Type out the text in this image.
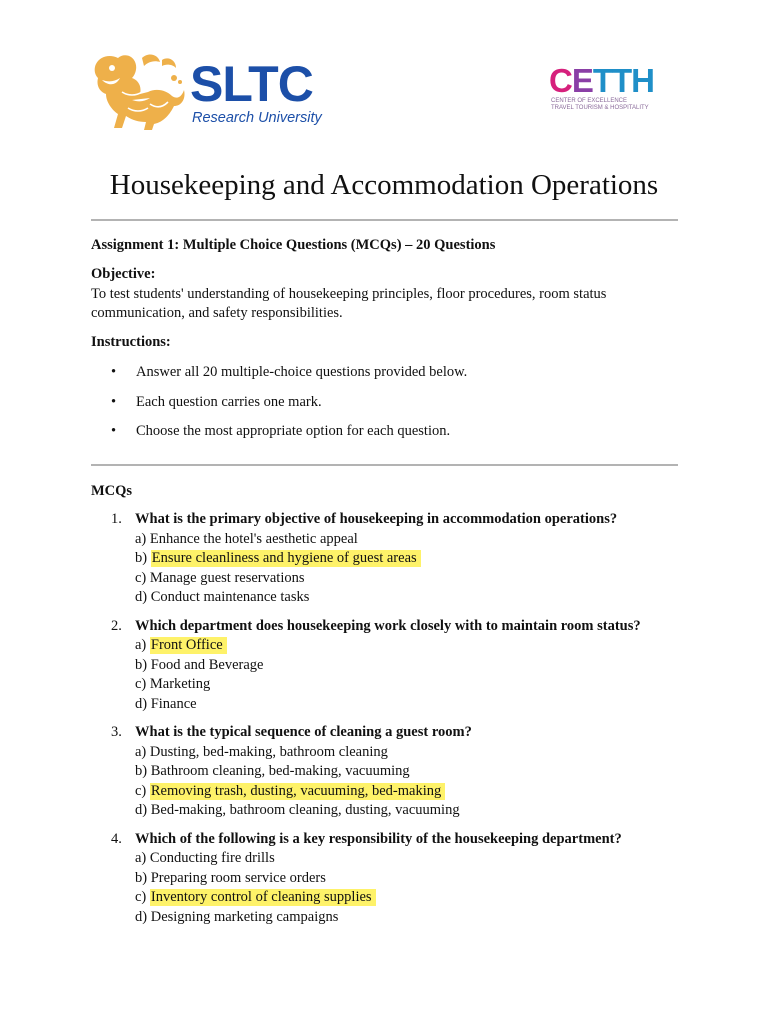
SLTC

Research University

CETTH

CENTER OF EXCELLENCE

TRAVEL TOURISM & HOSPITALITY

Housekeeping and Accommodation Operations

Assignment 1: Multiple Choice Questions (MCQs) – 20 Questions

Objective:

To test students' understanding of housekeeping principles, floor procedures, room status

communication, and safety responsibilities.

Instructions:

• Answer all 20 multiple-choice questions provided below.
• Each question carries one mark.
• Choose the most appropriate option for each question.

MCQs

1. What is the primary objective of housekeeping in accommodation operations?
a) Enhance the hotel's aesthetic appeal
b) Ensure cleanliness and hygiene of guest areas
c) Manage guest reservations
d) Conduct maintenance tasks
2. Which department does housekeeping work closely with to maintain room status?
a) Front Office
b) Food and Beverage
c) Marketing
d) Finance
3. What is the typical sequence of cleaning a guest room?
a) Dusting, bed-making, bathroom cleaning
b) Bathroom cleaning, bed-making, vacuuming
c) Removing trash, dusting, vacuuming, bed-making
d) Bed-making, bathroom cleaning, dusting, vacuuming
4. Which of the following is a key responsibility of the housekeeping department?
a) Conducting fire drills
b) Preparing room service orders
c) Inventory control of cleaning supplies
d) Designing marketing campaigns
